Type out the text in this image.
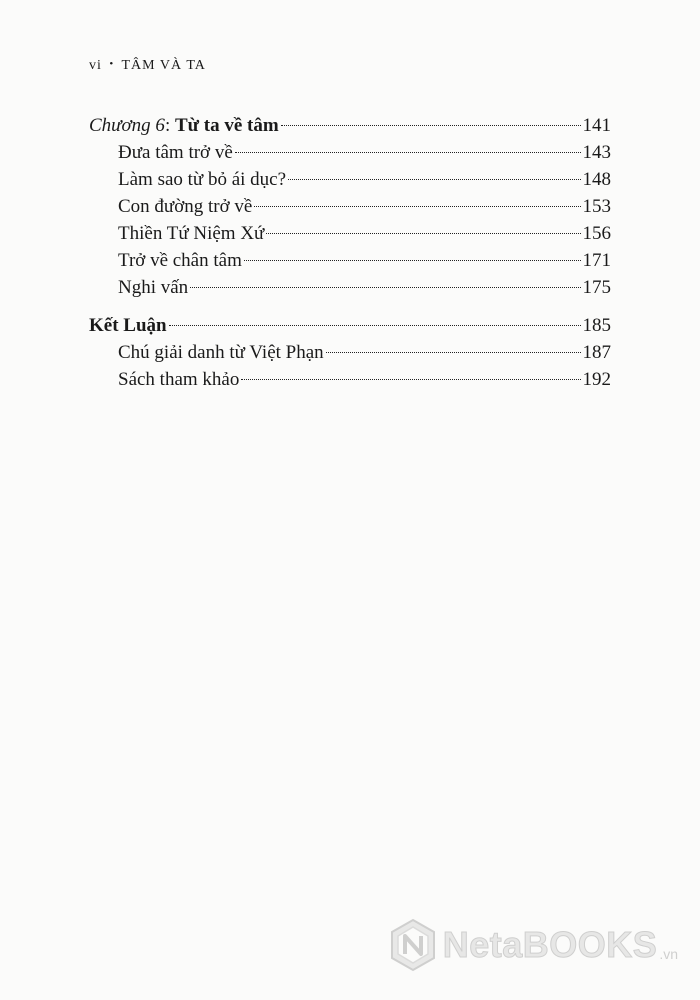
vi • TÂM VÀ TA
Chương 6: Từ ta về tâm	141
Đưa tâm trở về	143
Làm sao từ bỏ ái dục?	148
Con đường trở về	153
Thiền Tứ Niệm Xứ	156
Trở về chân tâm	171
Nghi vấn	175
Kết Luận	185
Chú giải danh từ Việt Phạn	187
Sách tham khảo	192
NetaBOOKS .vn
